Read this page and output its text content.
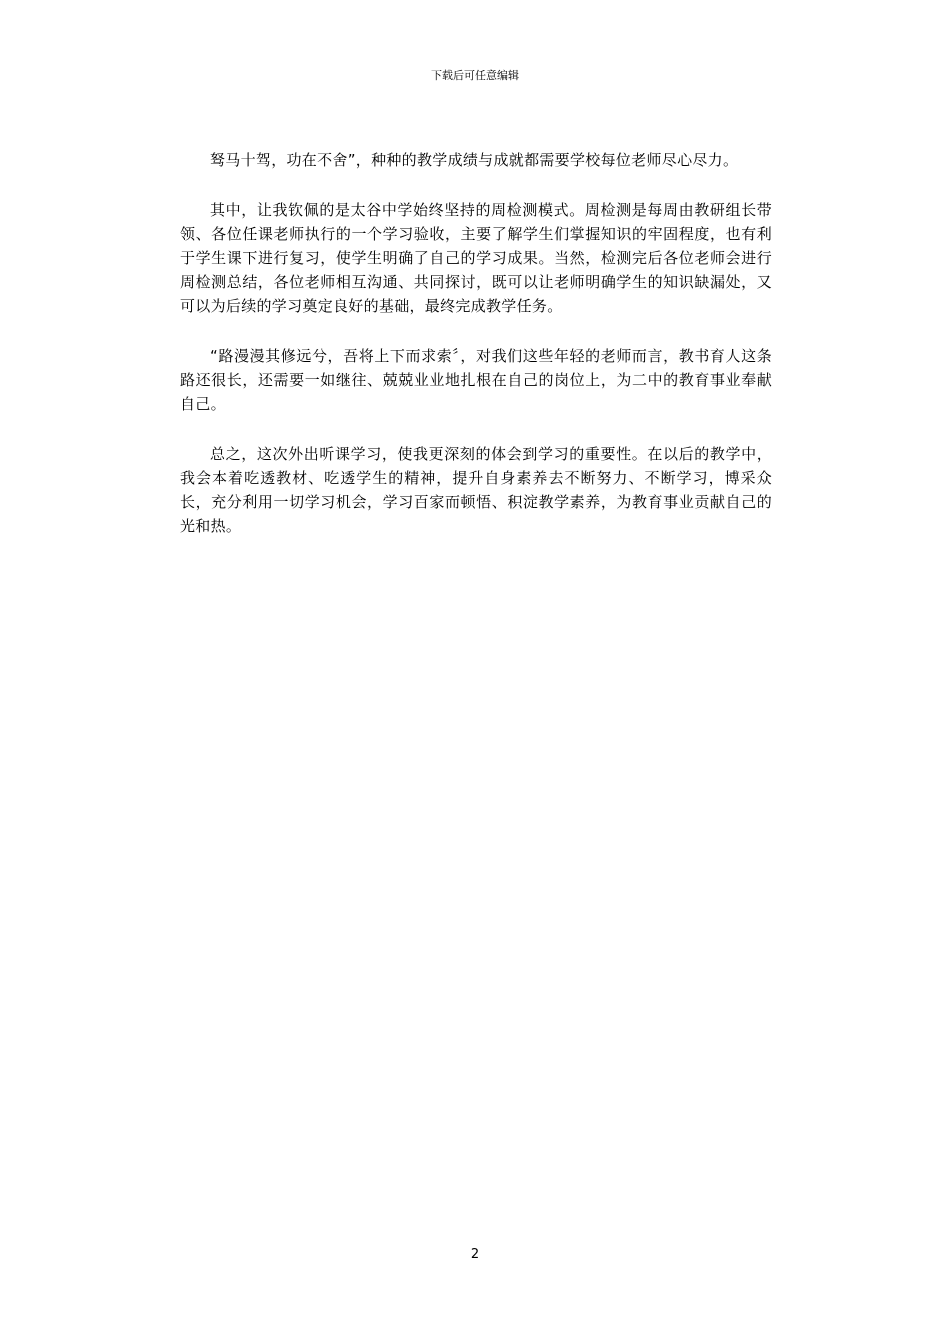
下载后可任意编辑

驽马十驾，功在不舍”，种种的教学成绩与成就都需要学校每位老师尽心尽力。

其中，让我钦佩的是太谷中学始终坚持的周检测模式。周检测是每周由教研组长带领、各位任课老师执行的一个学习验收，主要了解学生们掌握知识的牢固程度，也有利于学生课下进行复习，使学生明确了自己的学习成果。当然，检测完后各位老师会进行周检测总结，各位老师相互沟通、共同探讨，既可以让老师明确学生的知识缺漏处，又可以为后续的学习奠定良好的基础，最终完成教学任务。

“路漫漫其修远兮，吾将上下而求索〞，对我们这些年轻的老师而言，教书育人这条路还很长，还需要一如继往、兢兢业业地扎根在自己的岗位上，为二中的教育事业奉献自己。

总之，这次外出听课学习，使我更深刻的体会到学习的重要性。在以后的教学中，我会本着吃透教材、吃透学生的精神，提升自身素养去不断努力、不断学习，博采众长，充分利用一切学习机会，学习百家而顿悟、积淀教学素养，为教育事业贡献自己的光和热。

2
